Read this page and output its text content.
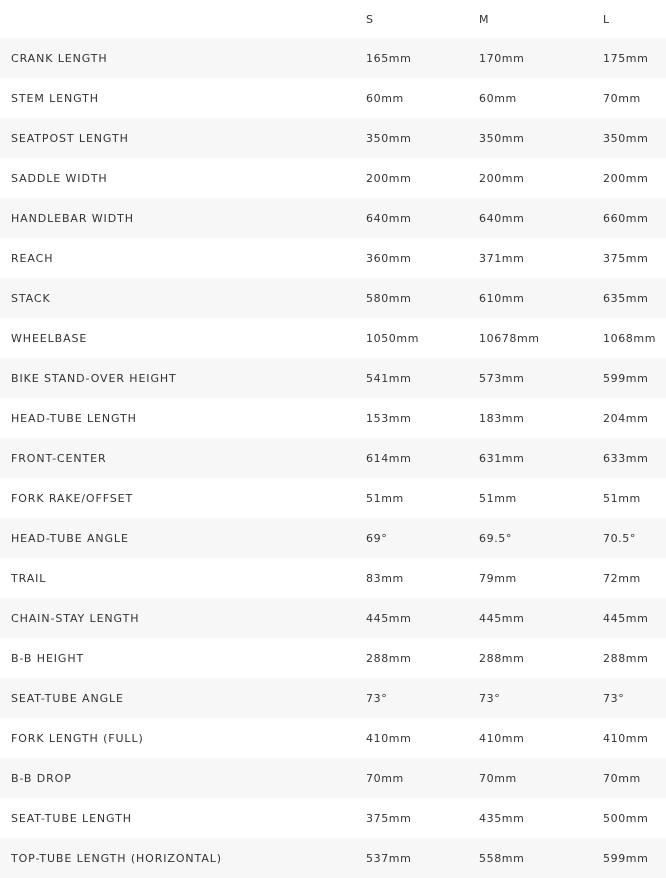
	S	M	L
CRANK LENGTH	165mm	170mm	175mm
STEM LENGTH	60mm	60mm	70mm
SEATPOST LENGTH	350mm	350mm	350mm
SADDLE WIDTH	200mm	200mm	200mm
HANDLEBAR WIDTH	640mm	640mm	660mm
REACH	360mm	371mm	375mm
STACK	580mm	610mm	635mm
WHEELBASE	1050mm	10678mm	1068mm
BIKE STAND-OVER HEIGHT	541mm	573mm	599mm
HEAD-TUBE LENGTH	153mm	183mm	204mm
FRONT-CENTER	614mm	631mm	633mm
FORK RAKE/OFFSET	51mm	51mm	51mm
HEAD-TUBE ANGLE	69°	69.5°	70.5°
TRAIL	83mm	79mm	72mm
CHAIN-STAY LENGTH	445mm	445mm	445mm
B-B HEIGHT	288mm	288mm	288mm
SEAT-TUBE ANGLE	73°	73°	73°
FORK LENGTH (FULL)	410mm	410mm	410mm
B-B DROP	70mm	70mm	70mm
SEAT-TUBE LENGTH	375mm	435mm	500mm
TOP-TUBE LENGTH (HORIZONTAL)	537mm	558mm	599mm
